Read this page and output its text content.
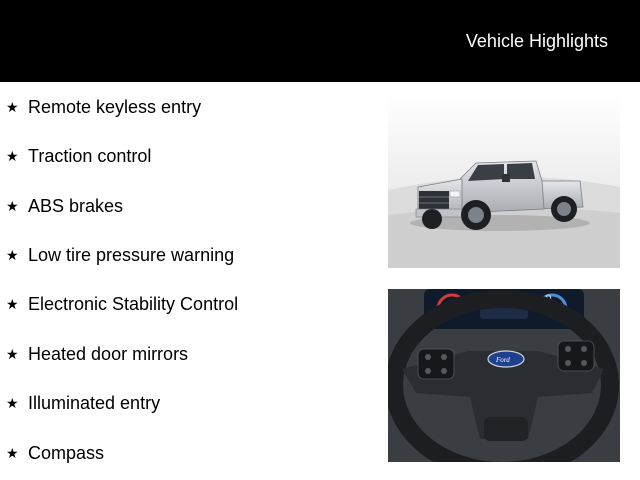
Vehicle Highlights
★ Remote keyless entry
★ Traction control
★ ABS brakes
★ Low tire pressure warning
★ Electronic Stability Control
★ Heated door mirrors
★ Illuminated entry
★ Compass
0
Ford
